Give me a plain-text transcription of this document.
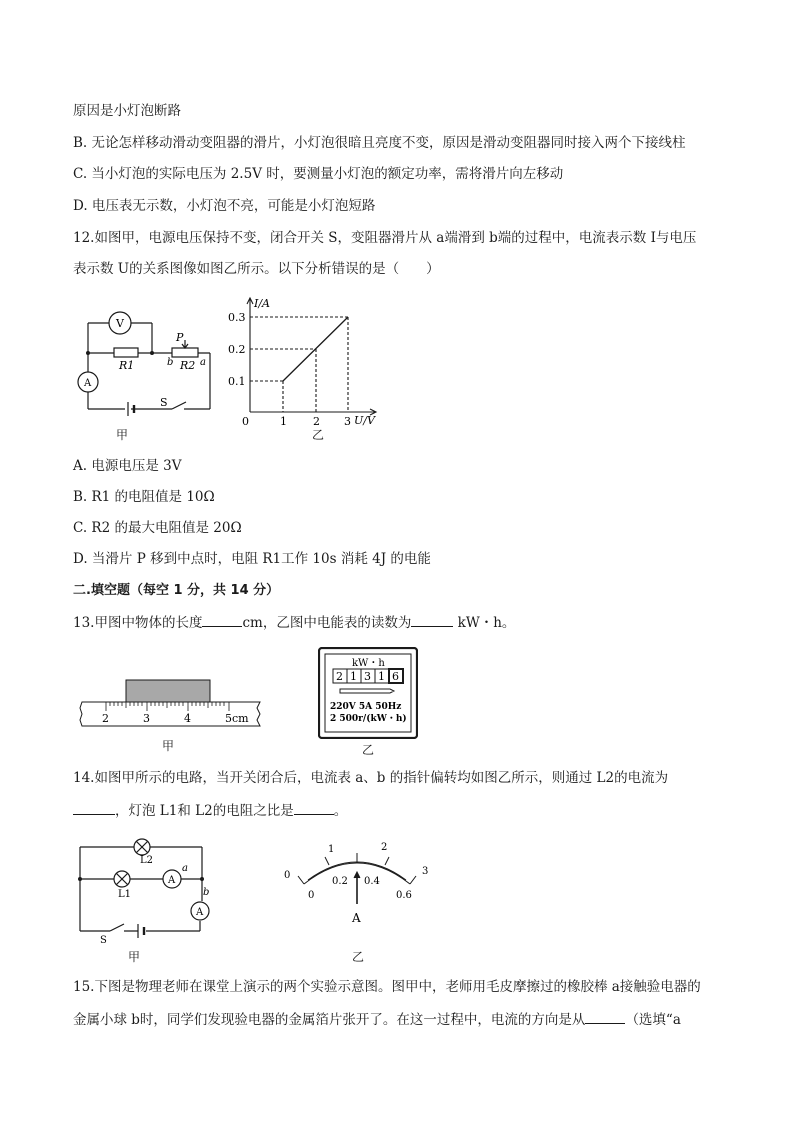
原因是小灯泡断路
B. 无论怎样移动滑动变阻器的滑片，小灯泡很暗且亮度不变，原因是滑动变阻器同时接入两个下接线柱
C. 当小灯泡的实际电压为 2.5V 时，要测量小灯泡的额定功率，需将滑片向左移动
D. 电压表无示数，小灯泡不亮，可能是小灯泡短路
12.如图甲，电源电压保持不变，闭合开关 S，变阻器滑片从 a端滑到 b端的过程中，电流表示数 I与电压
表示数 U的关系图像如图乙所示。以下分析错误的是（　　）
V
A
R1	R2
P
b	a
S
甲
I/A
U/V
0.3
0.2
0.1
0	1 2 3
乙
A. 电源电压是 3V
B. R1 的电阻值是 10Ω
C. R2 的最大电阻值是 20Ω
D. 当滑片 P 移到中点时，电阻 R1工作 10s 消耗 4J 的电能
二.填空题（每空 1 分，共 14 分）
13.甲图中物体的长度	cm，乙图中电能表的读数为	kW・h。
2	3	4	5cm
甲
kW・h
2 1 3 1 6
220V 5A 50Hz
2 500r/(kW・h)
乙
14.如图甲所示的电路，当开关闭合后，电流表 a、b 的指针偏转均如图乙所示，则通过 L2的电流为
，灯泡 L1和 L2的电阻之比是	。
L2
L1
A
A
a
b
S
甲
0
1	2
3
0
0.2 0.4
0.6
A
乙
15.下图是物理老师在课堂上演示的两个实验示意图。图甲中，老师用毛皮摩擦过的橡胶棒 a接触验电器的
金属小球 b时，同学们发现验电器的金属箔片张开了。在这一过程中，电流的方向是从	（选填“a
